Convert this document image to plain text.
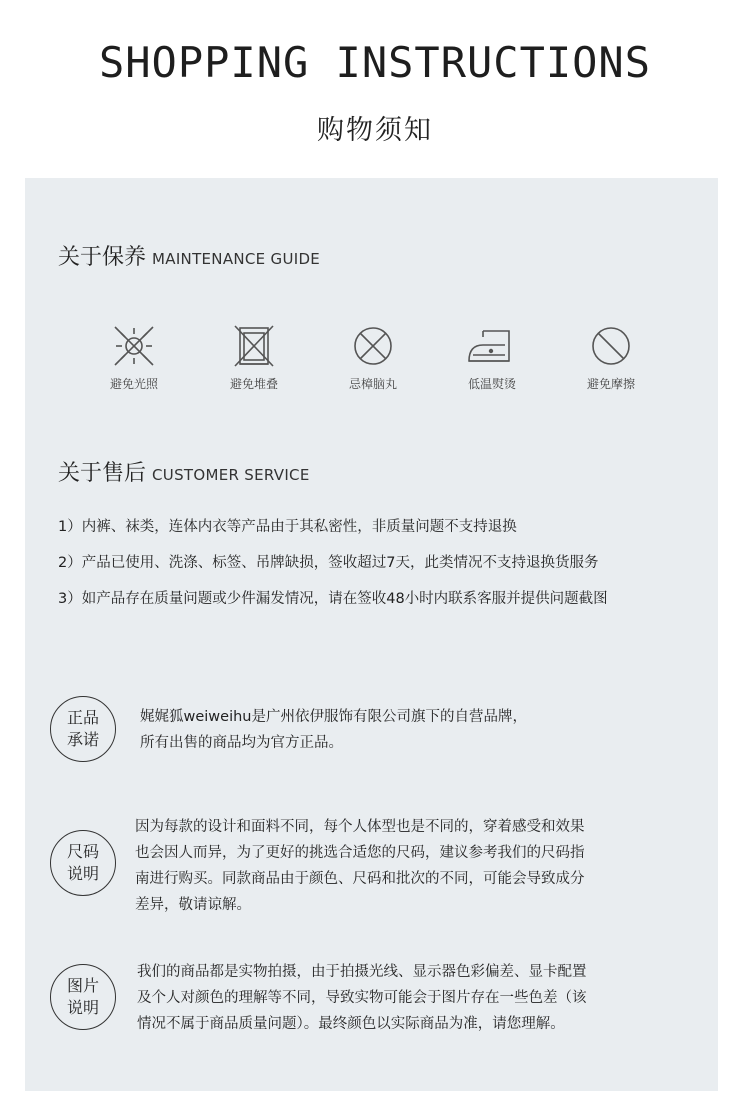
SHOPPING INSTRUCTIONS
购物须知
关于保养 MAINTENANCE GUIDE
避免光照	避免堆叠	忌樟脑丸	低温熨烫	避免摩擦
关于售后 CUSTOMER SERVICE
1）内裤、袜类，连体内衣等产品由于其私密性，非质量问题不支持退换
2）产品已使用、洗涤、标签、吊牌缺损，签收超过7天，此类情况不支持退换货服务
3）如产品存在质量问题或少件漏发情况，请在签收48小时内联系客服并提供问题截图
正品
承诺
娓娓狐weiweihu是广州依伊服饰有限公司旗下的自营品牌，
所有出售的商品均为官方正品。
尺码
说明
因为每款的设计和面料不同，每个人体型也是不同的，穿着感受和效果
也会因人而异，为了更好的挑选合适您的尺码，建议参考我们的尺码指
南进行购买。同款商品由于颜色、尺码和批次的不同，可能会导致成分
差异，敬请谅解。
图片
说明
我们的商品都是实物拍摄，由于拍摄光线、显示器色彩偏差、显卡配置
及个人对颜色的理解等不同，导致实物可能会于图片存在一些色差（该
情况不属于商品质量问题）。最终颜色以实际商品为准，请您理解。
